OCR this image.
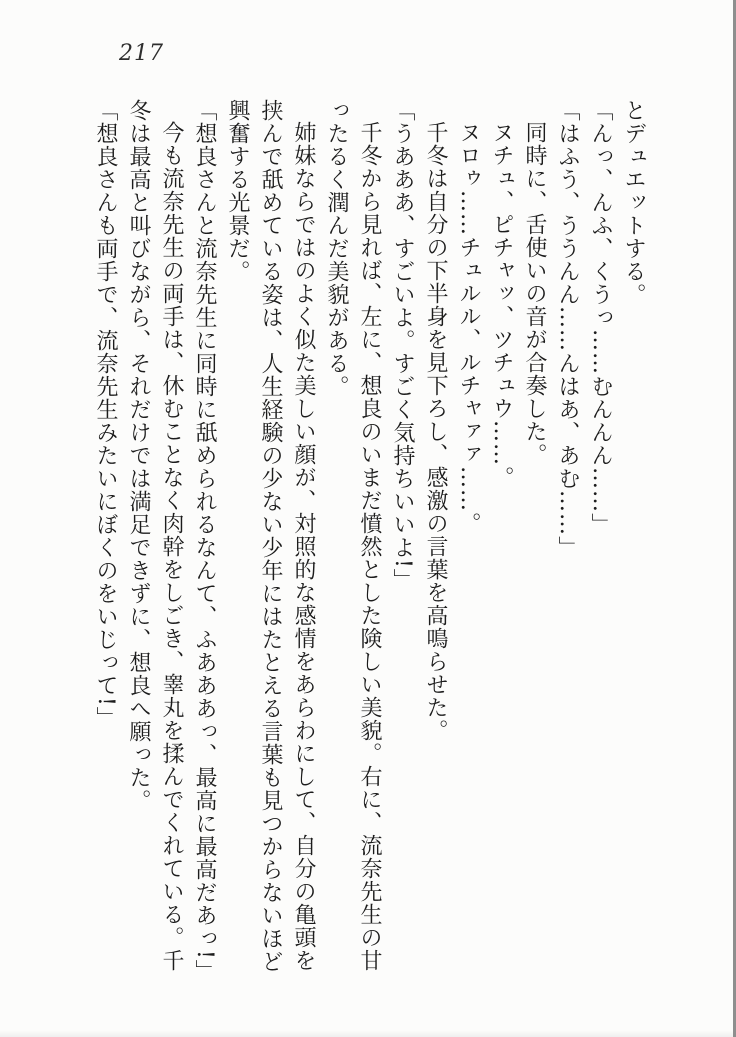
217

とデュエットする。

「んっ、んふ、くうっ……むんんん……」

「はふう、ううんん……んはあ、あむ……」

同時に、舌使いの音が合奏した。

ヌチュ、ピチャッ、ツチュウ……。

ヌロゥ……チュルル、ルチャァァ……。

千冬は自分の下半身を見下ろし、感激の言葉を高鳴らせた。

「うあああ、すごいよ。すごく気持ちいいよ!」

千冬から見れば、左に、想良のいまだ憤然とした険しい美貌。右に、流奈先生の甘

ったるく潤んだ美貌がある。

姉妹ならではのよく似た美しい顔が、対照的な感情をあらわにして、自分の亀頭を

挟んで舐めている姿は、人生経験の少ない少年にはたとえる言葉も見つからないほど

興奮する光景だ。

「想良さんと流奈先生に同時に舐められるなんて、ふあああっ、最高に最高だあっ!」

今も流奈先生の両手は、休むことなく肉幹をしごき、睾丸を揉んでくれている。千

冬は最高と叫びながら、それだけでは満足できずに、想良へ願った。

「想良さんも両手で、流奈先生みたいにぼくのをいじって!」
